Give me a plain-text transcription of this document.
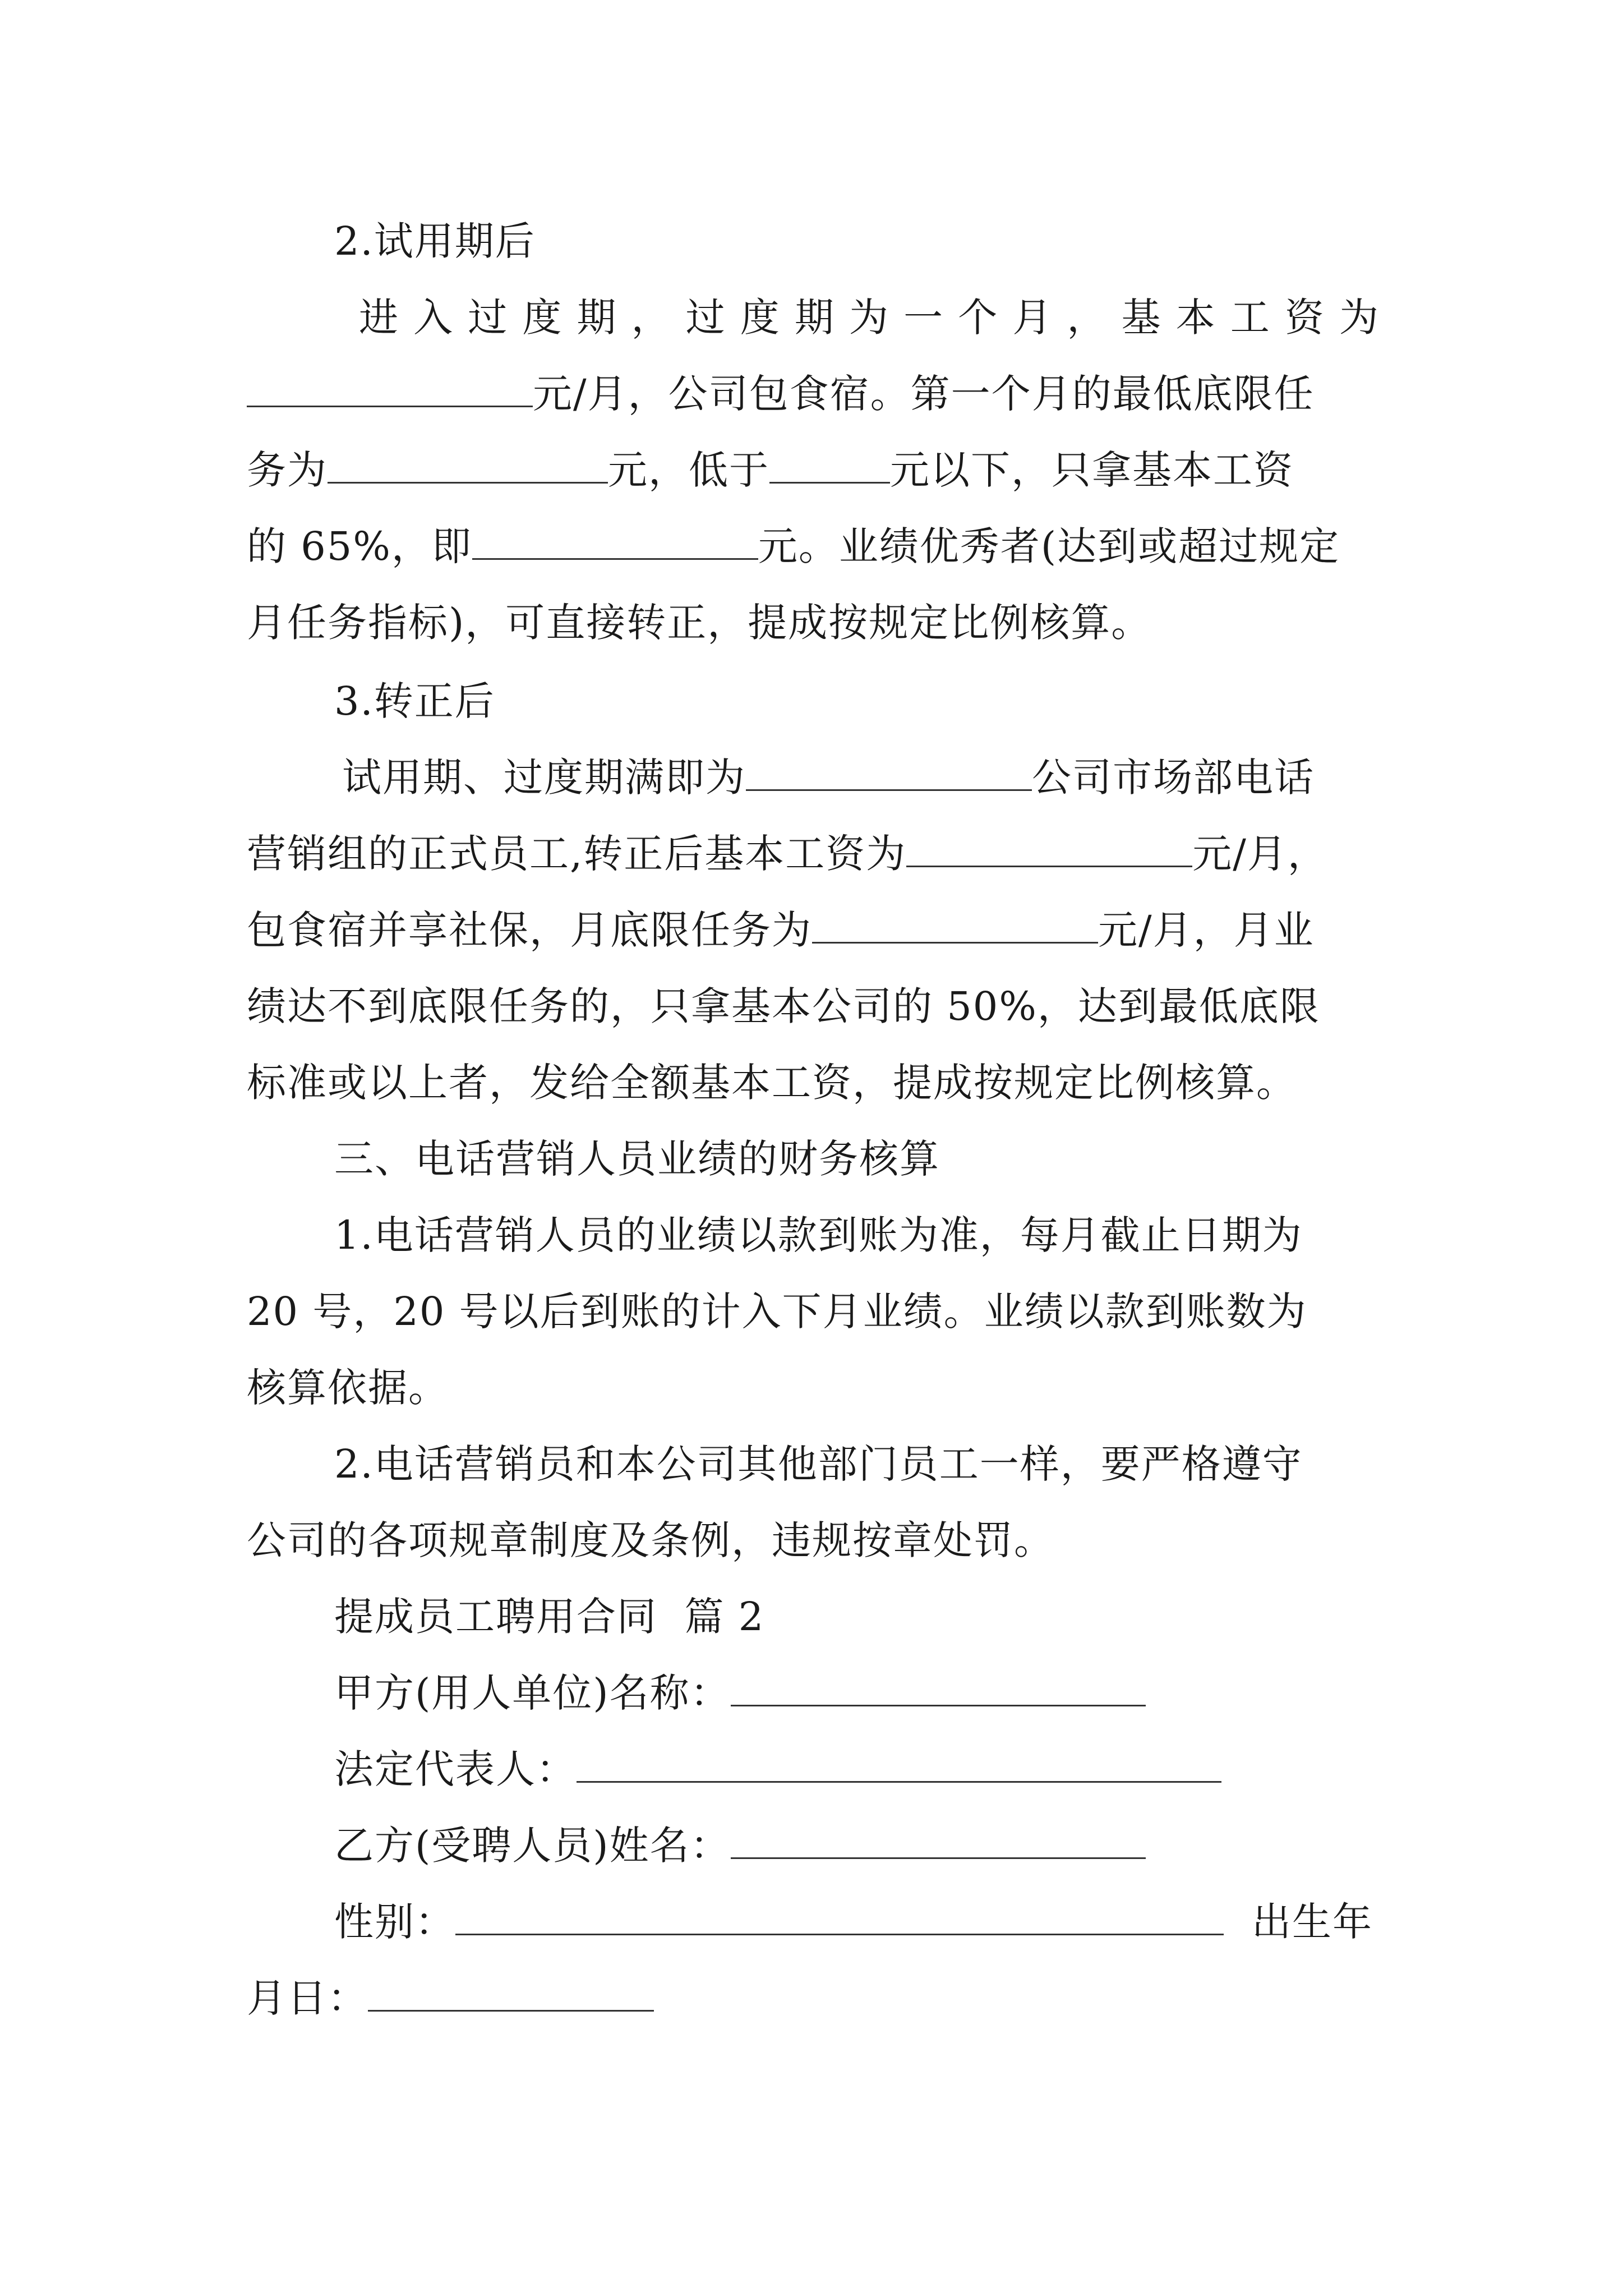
2.试用期后
进 入 过 度 期 ， 过 度 期 为 一 个 月 ， 基 本 工 资 为
元/月，公司包食宿。第一个月的最低底限任
务为	元，低于	元以下，只拿基本工资
的 65%，即	元。业绩优秀者(达到或超过规定
月任务指标)，可直接转正，提成按规定比例核算。
3.转正后
试用期、过度期满即为	公司市场部电话
营销组的正式员工,转正后基本工资为	元/月，
包食宿并享社保，月底限任务为	元/月，月业
绩达不到底限任务的，只拿基本公司的 50%，达到最低底限
标准或以上者，发给全额基本工资，提成按规定比例核算。
三、电话营销人员业绩的财务核算
1.电话营销人员的业绩以款到账为准，每月截止日期为
20 号，20 号以后到账的计入下月业绩。业绩以款到账数为
核算依据。
2.电话营销员和本公司其他部门员工一样，要严格遵守
公司的各项规章制度及条例，违规按章处罚。
提成员工聘用合同  篇 2
甲方(用人单位)名称：
法定代表人：
乙方(受聘人员)姓名：
性别：	出生年
月日：
